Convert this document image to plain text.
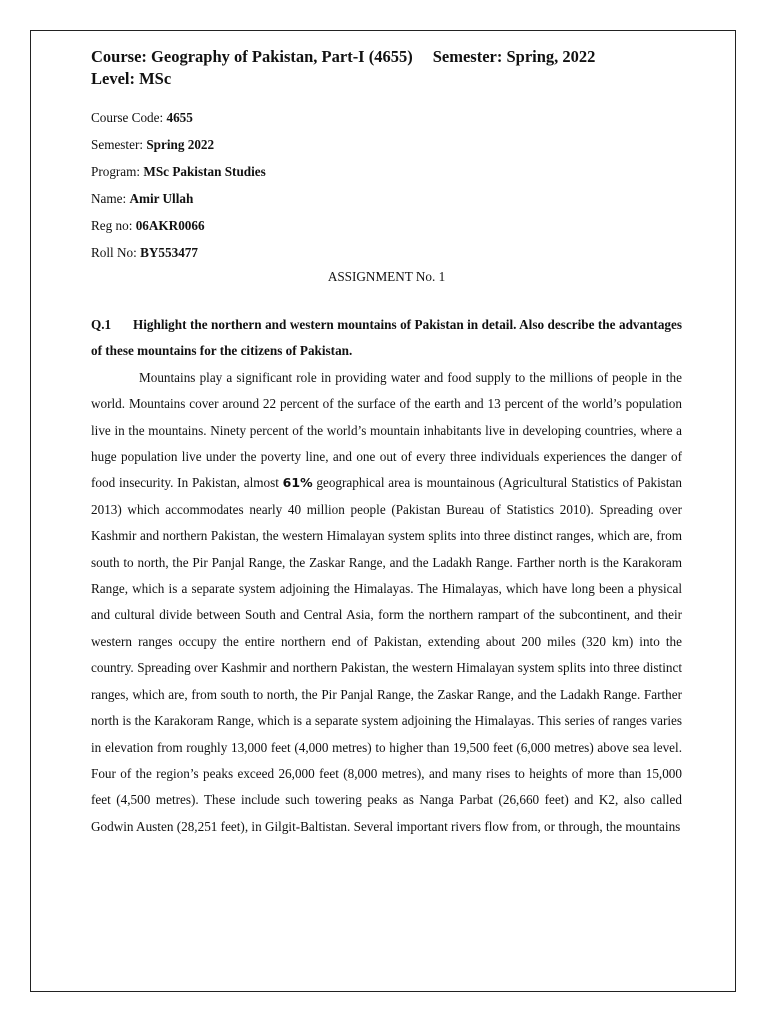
Course: Geography of Pakistan, Part-I (4655) Semester: Spring, 2022
Level: MSc
Course Code: 4655
Semester: Spring 2022
Program: MSc Pakistan Studies
Name: Amir Ullah
Reg no: 06AKR0066
Roll No: BY553477
ASSIGNMENT No. 1
Q.1 Highlight the northern and western mountains of Pakistan in detail. Also describe the advantages of these mountains for the citizens of Pakistan.

Mountains play a significant role in providing water and food supply to the millions of people in the world. Mountains cover around 22 percent of the surface of the earth and 13 percent of the world’s population live in the mountains. Ninety percent of the world’s mountain inhabitants live in developing countries, where a huge population live under the poverty line, and one out of every three individuals experiences the danger of food insecurity. In Pakistan, almost 61% geographical area is mountainous (Agricultural Statistics of Pakistan 2013) which accommodates nearly 40 million people (Pakistan Bureau of Statistics 2010). Spreading over Kashmir and northern Pakistan, the western Himalayan system splits into three distinct ranges, which are, from south to north, the Pir Panjal Range, the Zaskar Range, and the Ladakh Range. Farther north is the Karakoram Range, which is a separate system adjoining the Himalayas. The Himalayas, which have long been a physical and cultural divide between South and Central Asia, form the northern rampart of the subcontinent, and their western ranges occupy the entire northern end of Pakistan, extending about 200 miles (320 km) into the country. Spreading over Kashmir and northern Pakistan, the western Himalayan system splits into three distinct ranges, which are, from south to north, the Pir Panjal Range, the Zaskar Range, and the Ladakh Range. Farther north is the Karakoram Range, which is a separate system adjoining the Himalayas. This series of ranges varies in elevation from roughly 13,000 feet (4,000 metres) to higher than 19,500 feet (6,000 metres) above sea level. Four of the region’s peaks exceed 26,000 feet (8,000 metres), and many rises to heights of more than 15,000 feet (4,500 metres). These include such towering peaks as Nanga Parbat (26,660 feet) and K2, also called Godwin Austen (28,251 feet), in Gilgit-Baltistan. Several important rivers flow from, or through, the mountains
